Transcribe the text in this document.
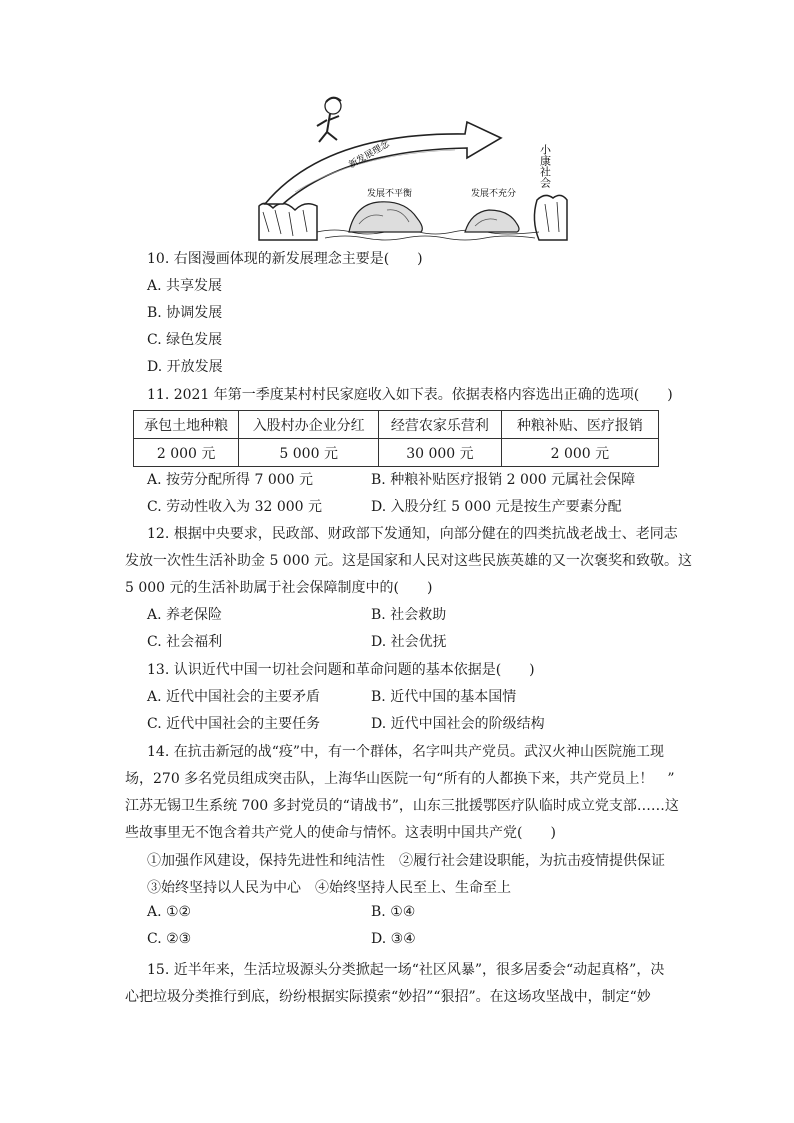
新发展理念
发展不平衡	发展不充分
小康社会
10. 右图漫画体现的新发展理念主要是(　　)
A. 共享发展
B. 协调发展
C. 绿色发展
D. 开放发展
11. 2021 年第一季度某村村民家庭收入如下表。依据表格内容选出正确的选项(　　)
承包土地种粮	入股村办企业分红	经营农家乐营利	种粮补贴、医疗报销
2 000 元	5 000 元	30 000 元	2 000 元
A. 按劳分配所得 7 000 元	B. 种粮补贴医疗报销 2 000 元属社会保障
C. 劳动性收入为 32 000 元	D. 入股分红 5 000 元是按生产要素分配
12. 根据中央要求，民政部、财政部下发通知，向部分健在的四类抗战老战士、老同志
发放一次性生活补助金 5 000 元。这是国家和人民对这些民族英雄的又一次褒奖和致敬。这
5 000 元的生活补助属于社会保障制度中的(　　)
A. 养老保险	B. 社会救助
C. 社会福利	D. 社会优抚
13. 认识近代中国一切社会问题和革命问题的基本依据是(　　)
A. 近代中国社会的主要矛盾	B. 近代中国的基本国情
C. 近代中国社会的主要任务	D. 近代中国社会的阶级结构
14. 在抗击新冠的战“疫”中，有一个群体，名字叫共产党员。武汉火神山医院施工现
场，270 多名党员组成突击队，上海华山医院一句“所有的人都换下来，共产党员上！　”
江苏无锡卫生系统 700 多封党员的“请战书”，山东三批援鄂医疗队临时成立党支部……这
些故事里无不饱含着共产党人的使命与情怀。这表明中国共产党(　　)
①加强作风建设，保持先进性和纯洁性　②履行社会建设职能，为抗击疫情提供保证
③始终坚持以人民为中心　④始终坚持人民至上、生命至上
A. ①②	B. ①④
C. ②③	D. ③④
15. 近半年来，生活垃圾源头分类掀起一场“社区风暴”，很多居委会“动起真格”，决
心把垃圾分类推行到底，纷纷根据实际摸索“妙招”“狠招”。在这场攻坚战中，制定“妙
